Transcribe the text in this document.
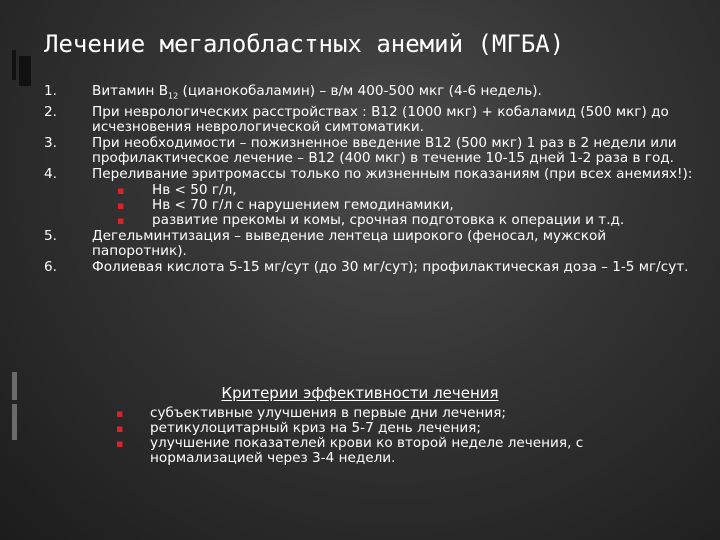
Лечение мегалобластных анемий (МГБА)
1.	Витамин $В_{12}$ (цианокобаламин) – в/м 400-500 мкг (4-6 недель).
2.	При неврологических расстройствах : В12 (1000 мкг) + кобаламид (500 мкг) до исчезновения неврологической симтоматики.
3.	При необходимости – пожизненное введение В12 (500 мкг) 1 раз в 2 недели или профилактическое лечение – В12 (400 мкг) в течение 10-15 дней 1-2 раза в год.
4.	Переливание эритромассы только по жизненным показаниям (при всех анемиях!):
▪ Нв < 50 г/л,
▪ Нв < 70 г/л с нарушением гемодинамики,
▪ развитие прекомы и комы, срочная подготовка к операции и т.д.
5.	Дегельминтизация – выведение лентеца широкого (феносал, мужской папоротник).
6.	Фолиевая кислота 5-15 мг/сут (до 30 мг/сут); профилактическая доза – 1-5 мг/сут.
Критерии эффективности лечения
▪ субъективные улучшения в первые дни лечения;
▪ ретикулоцитарный криз на 5-7 день лечения;
▪ улучшение показателей крови ко второй неделе лечения, с нормализацией через 3-4 недели.
